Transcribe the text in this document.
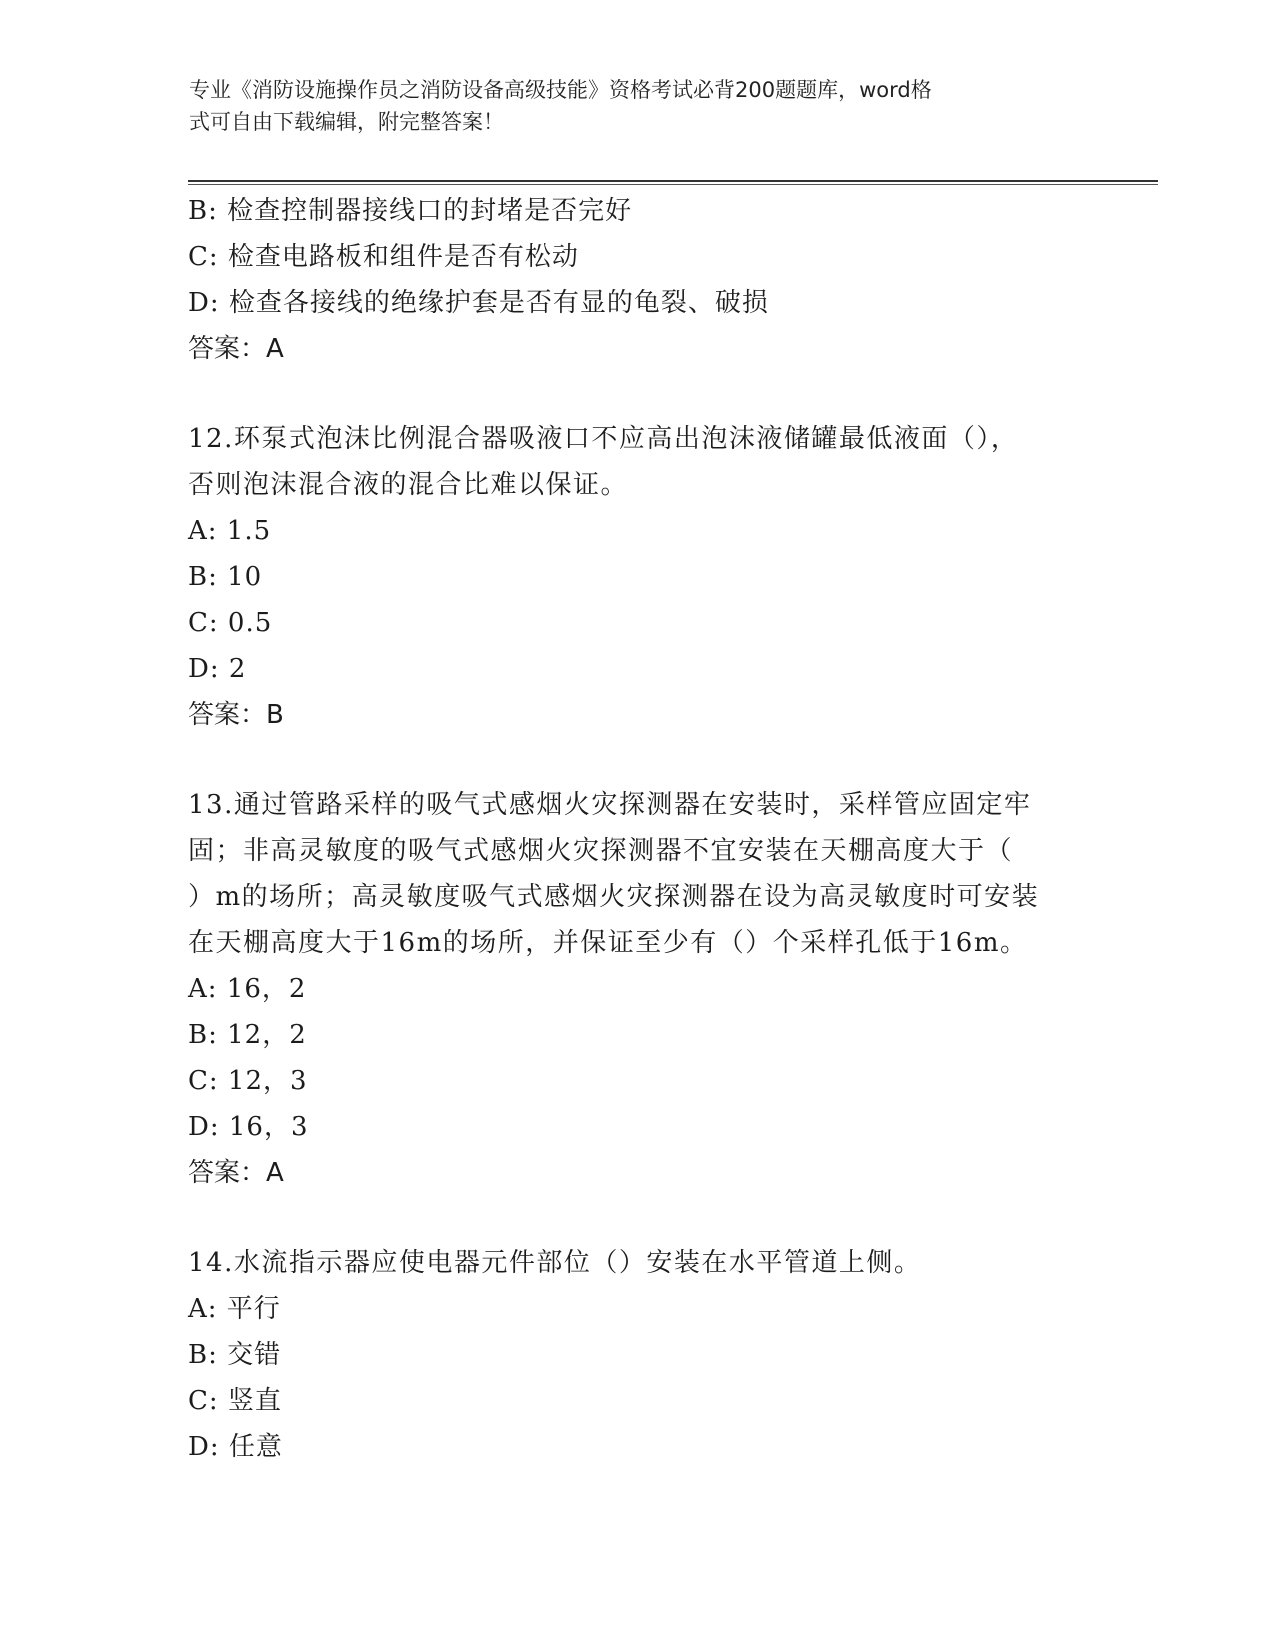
专业《消防设施操作员之消防设备高级技能》资格考试必背200题题库，word格
式可自由下载编辑，附完整答案！
B: 检查控制器接线口的封堵是否完好
C: 检查电路板和组件是否有松动
D: 检查各接线的绝缘护套是否有显的龟裂、破损
答案：A
12.环泵式泡沫比例混合器吸液口不应高出泡沫液储罐最低液面（），
否则泡沫混合液的混合比难以保证。
A: 1.5
B: 10
C: 0.5
D: 2
答案：B
13.通过管路采样的吸气式感烟火灾探测器在安装时，采样管应固定牢
固；非高灵敏度的吸气式感烟火灾探测器不宜安装在天棚高度大于（
）m的场所；高灵敏度吸气式感烟火灾探测器在设为高灵敏度时可安装
在天棚高度大于16m的场所，并保证至少有（）个采样孔低于16m。
A: 16，2
B: 12，2
C: 12，3
D: 16，3
答案：A
14.水流指示器应使电器元件部位（）安装在水平管道上侧。
A: 平行
B: 交错
C: 竖直
D: 任意
